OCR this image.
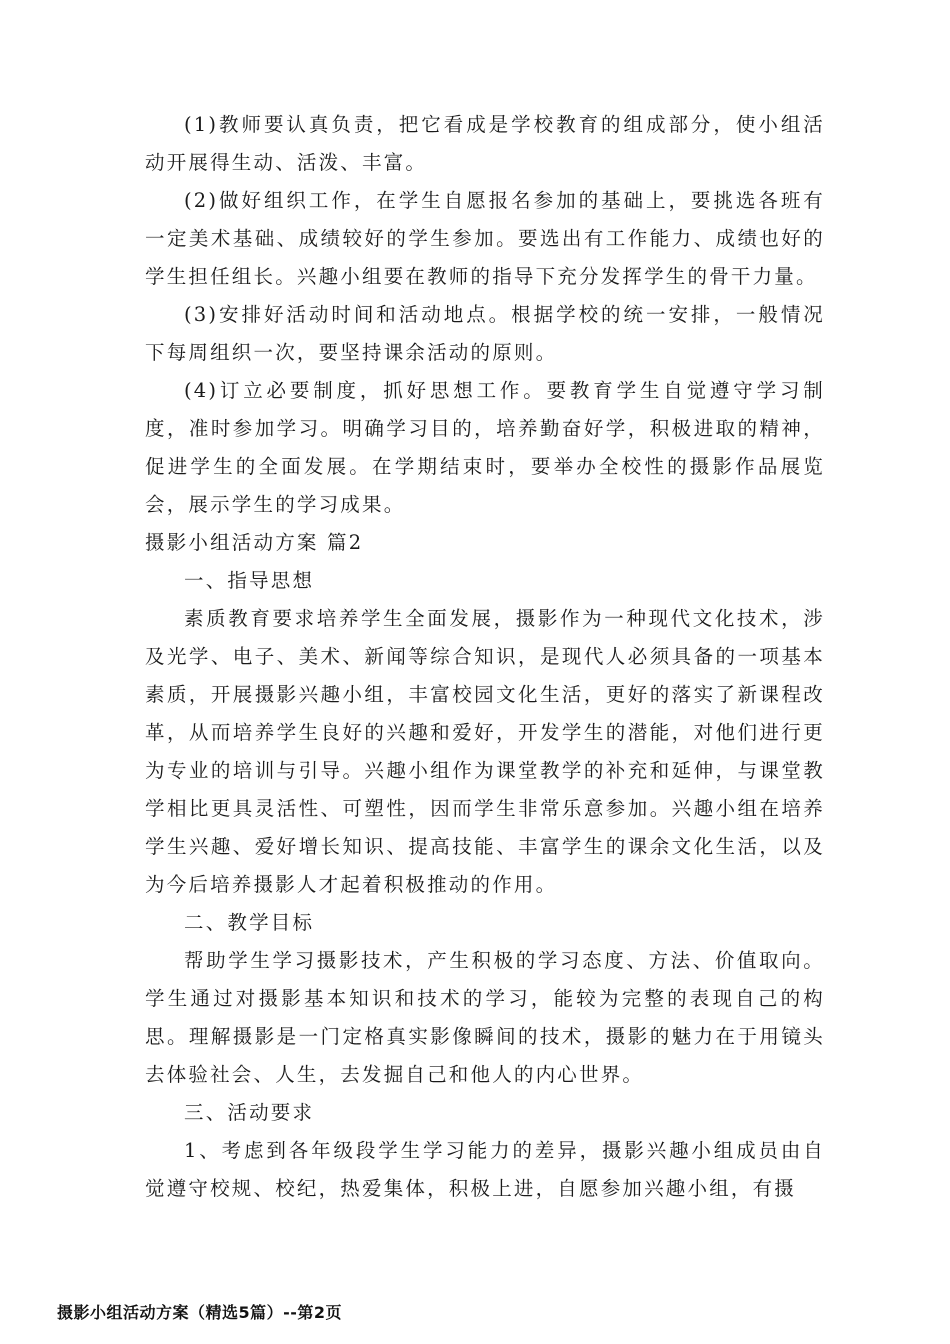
(1)教师要认真负责，把它看成是学校教育的组成部分，使小组活动开展得生动、活泼、丰富。

(2)做好组织工作，在学生自愿报名参加的基础上，要挑选各班有一定美术基础、成绩较好的学生参加。要选出有工作能力、成绩也好的学生担任组长。兴趣小组要在教师的指导下充分发挥学生的骨干力量。

(3)安排好活动时间和活动地点。根据学校的统一安排，一般情况下每周组织一次，要坚持课余活动的原则。

(4)订立必要制度，抓好思想工作。要教育学生自觉遵守学习制度，准时参加学习。明确学习目的，培养勤奋好学，积极进取的精神，促进学生的全面发展。在学期结束时，要举办全校性的摄影作品展览会，展示学生的学习成果。

摄影小组活动方案 篇2

一、指导思想

素质教育要求培养学生全面发展，摄影作为一种现代文化技术，涉及光学、电子、美术、新闻等综合知识，是现代人必须具备的一项基本素质，开展摄影兴趣小组，丰富校园文化生活，更好的落实了新课程改革，从而培养学生良好的兴趣和爱好，开发学生的潜能，对他们进行更为专业的培训与引导。兴趣小组作为课堂教学的补充和延伸，与课堂教学相比更具灵活性、可塑性，因而学生非常乐意参加。兴趣小组在培养学生兴趣、爱好增长知识、提高技能、丰富学生的课余文化生活，以及为今后培养摄影人才起着积极推动的作用。

二、教学目标

帮助学生学习摄影技术，产生积极的学习态度、方法、价值取向。学生通过对摄影基本知识和技术的学习，能较为完整的表现自己的构思。理解摄影是一门定格真实影像瞬间的技术，摄影的魅力在于用镜头去体验社会、人生，去发掘自己和他人的内心世界。

三、活动要求

1、考虑到各年级段学生学习能力的差异，摄影兴趣小组成员由自觉遵守校规、校纪，热爱集体，积极上进，自愿参加兴趣小组，有摄

摄影小组活动方案（精选5篇）--第2页
